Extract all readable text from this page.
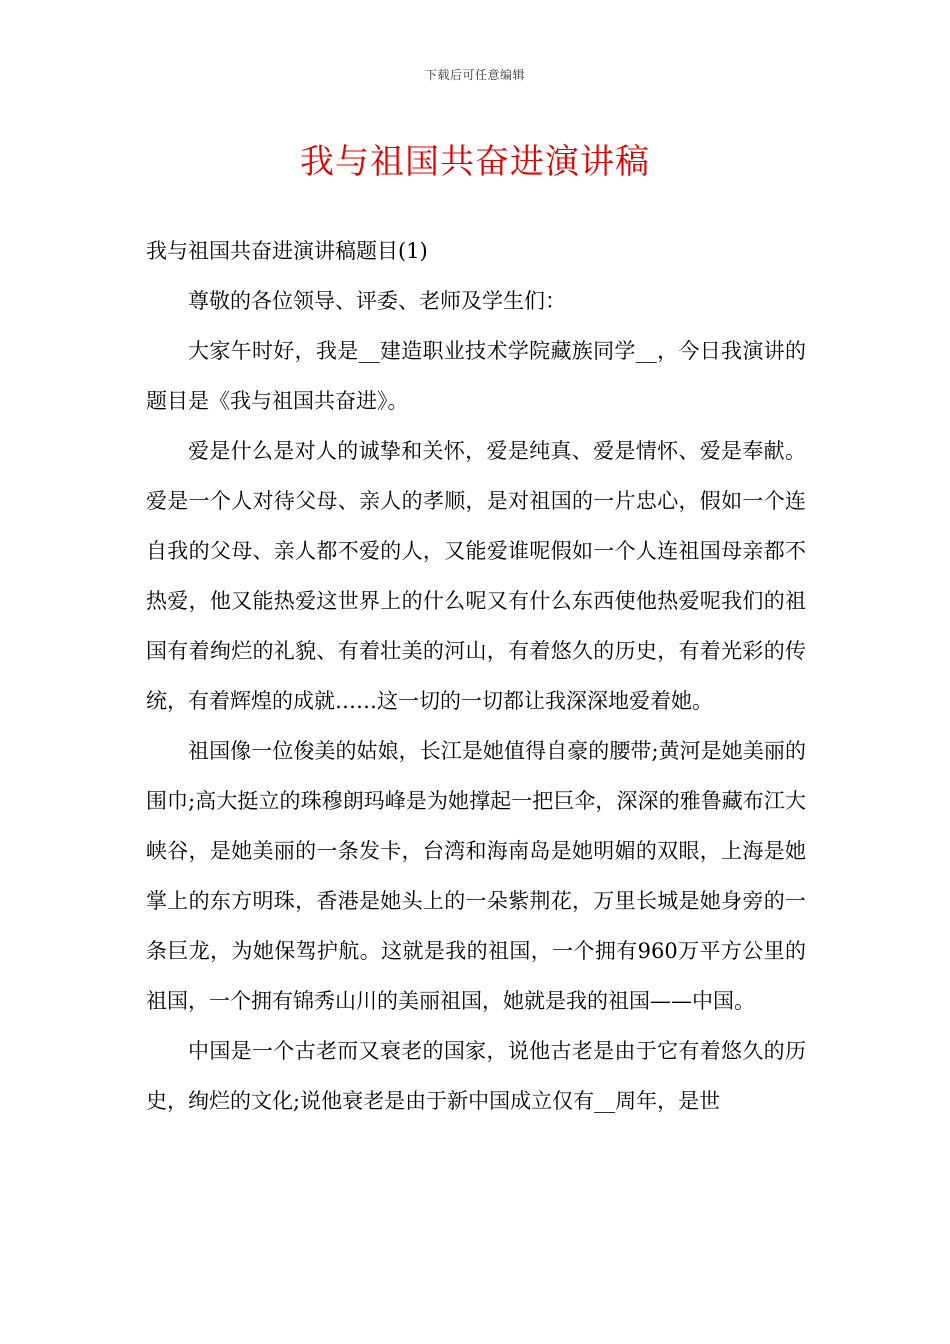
下载后可任意编辑
我与祖国共奋进演讲稿

我与祖国共奋进演讲稿题目(1)

尊敬的各位领导、评委、老师及学生们：

大家午时好，我是__建造职业技术学院藏族同学__，今日我演讲的题目是《我与祖国共奋进》。

爱是什么是对人的诚挚和关怀，爱是纯真、爱是情怀、爱是奉献。爱是一个人对待父母、亲人的孝顺，是对祖国的一片忠心，假如一个连自我的父母、亲人都不爱的人，又能爱谁呢假如一个人连祖国母亲都不热爱，他又能热爱这世界上的什么呢又有什么东西使他热爱呢我们的祖国有着绚烂的礼貌、有着壮美的河山，有着悠久的历史，有着光彩的传统，有着辉煌的成就……这一切的一切都让我深深地爱着她。

祖国像一位俊美的姑娘，长江是她值得自豪的腰带;黄河是她美丽的围巾;高大挺立的珠穆朗玛峰是为她撑起一把巨伞，深深的雅鲁藏布江大峡谷，是她美丽的一条发卡，台湾和海南岛是她明媚的双眼，上海是她掌上的东方明珠，香港是她头上的一朵紫荆花，万里长城是她身旁的一条巨龙，为她保驾护航。这就是我的祖国，一个拥有960万平方公里的祖国，一个拥有锦秀山川的美丽祖国，她就是我的祖国——中国。

中国是一个古老而又衰老的国家，说他古老是由于它有着悠久的历史，绚烂的文化;说他衰老是由于新中国成立仅有__周年，是世
